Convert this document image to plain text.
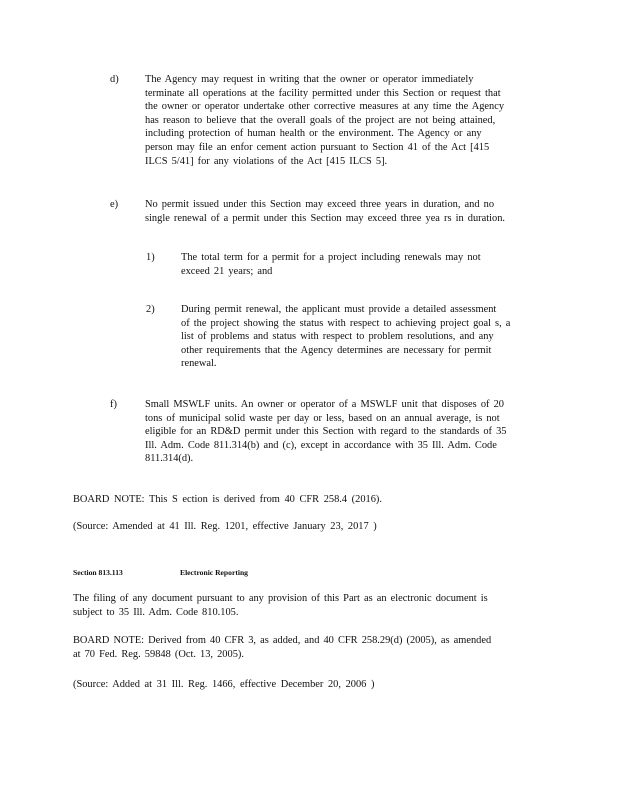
d)	The Agency may request in writing that the owner or operator immediately
terminate all operations at the facility permitted under this Section or request that
the owner or operator undertake other corrective measures at any time the Agency
has reason to believe that the overall goals of the project are not being attained,
including protection of human health or the environment. The Agency or any
person may file an enfor cement action pursuant to Section 41 of the Act [415
ILCS 5/41] for any violations of the Act [415 ILCS 5].
e)	No permit issued under this Section may exceed three years in duration, and no
single renewal of a permit under this Section may exceed three yea rs in duration.
1)	The total term for a permit for a project including renewals may not
exceed 21 years; and
2)	During permit renewal, the applicant must provide a detailed assessment
of the project showing the status with respect to achieving project goal s, a
list of problems and status with respect to problem resolutions, and any
other requirements that the Agency determines are necessary for permit
renewal.
f)	Small MSWLF units. An owner or operator of a MSWLF unit that disposes of 20
tons of municipal solid waste per day or less, based on an annual average, is not
eligible for an RD&D permit under this Section with regard to the standards of 35
Ill. Adm. Code 811.314(b) and (c), except in accordance with 35 Ill. Adm. Code
811.314(d).
BOARD NOTE: This S ection is derived from 40 CFR 258.4 (2016).
(Source: Amended at 41 Ill. Reg. 1201, effective January 23, 2017 )
Section 813.113	Electronic Reporting
The filing of any document pursuant to any provision of this Part as an electronic document is
subject to 35 Ill. Adm. Code 810.105.
BOARD NOTE: Derived from 40 CFR 3, as added, and 40 CFR 258.29(d) (2005), as amended
at 70 Fed. Reg. 59848 (Oct. 13, 2005).
(Source: Added at 31 Ill. Reg. 1466, effective December 20, 2006 )
